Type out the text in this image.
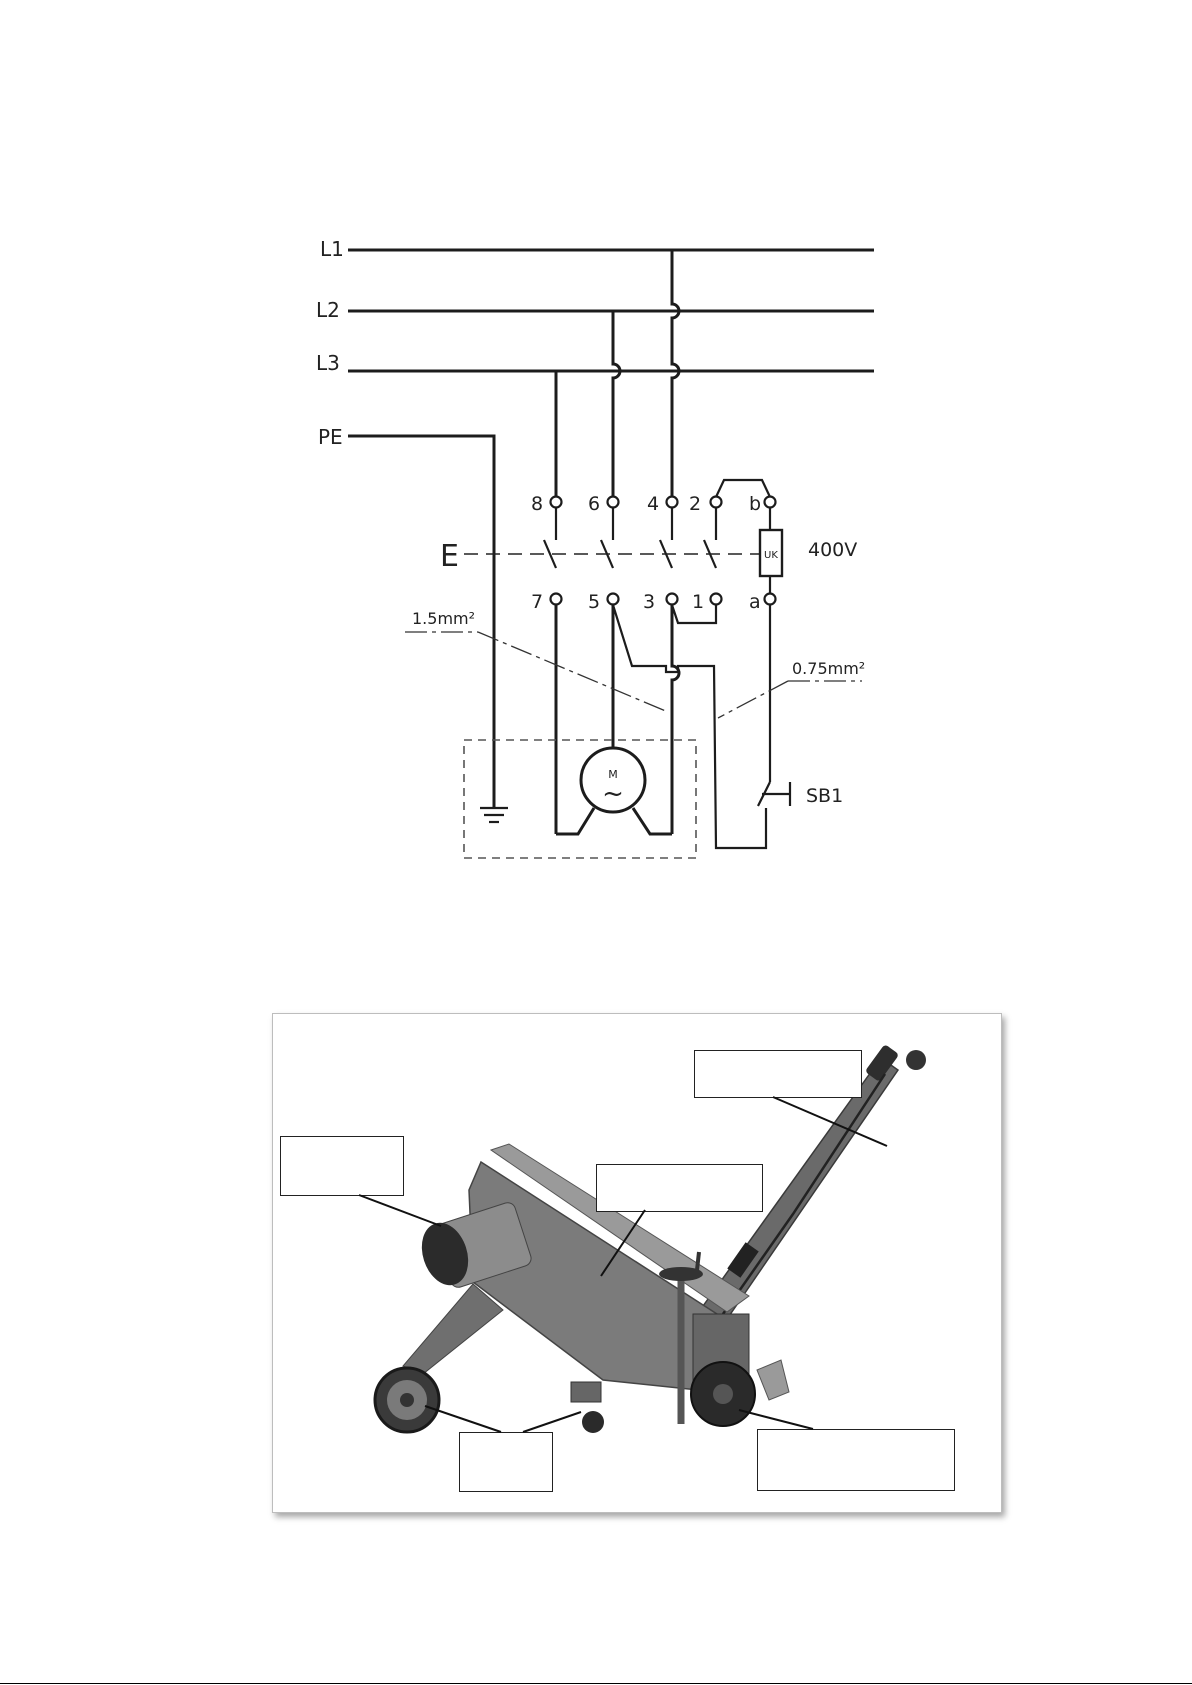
L1
L2
L3
PE
8 6 4 2	b
E	UK 400V
7 5 3 1 a
SB1
M
~
1.5mm²
0.75mm²
